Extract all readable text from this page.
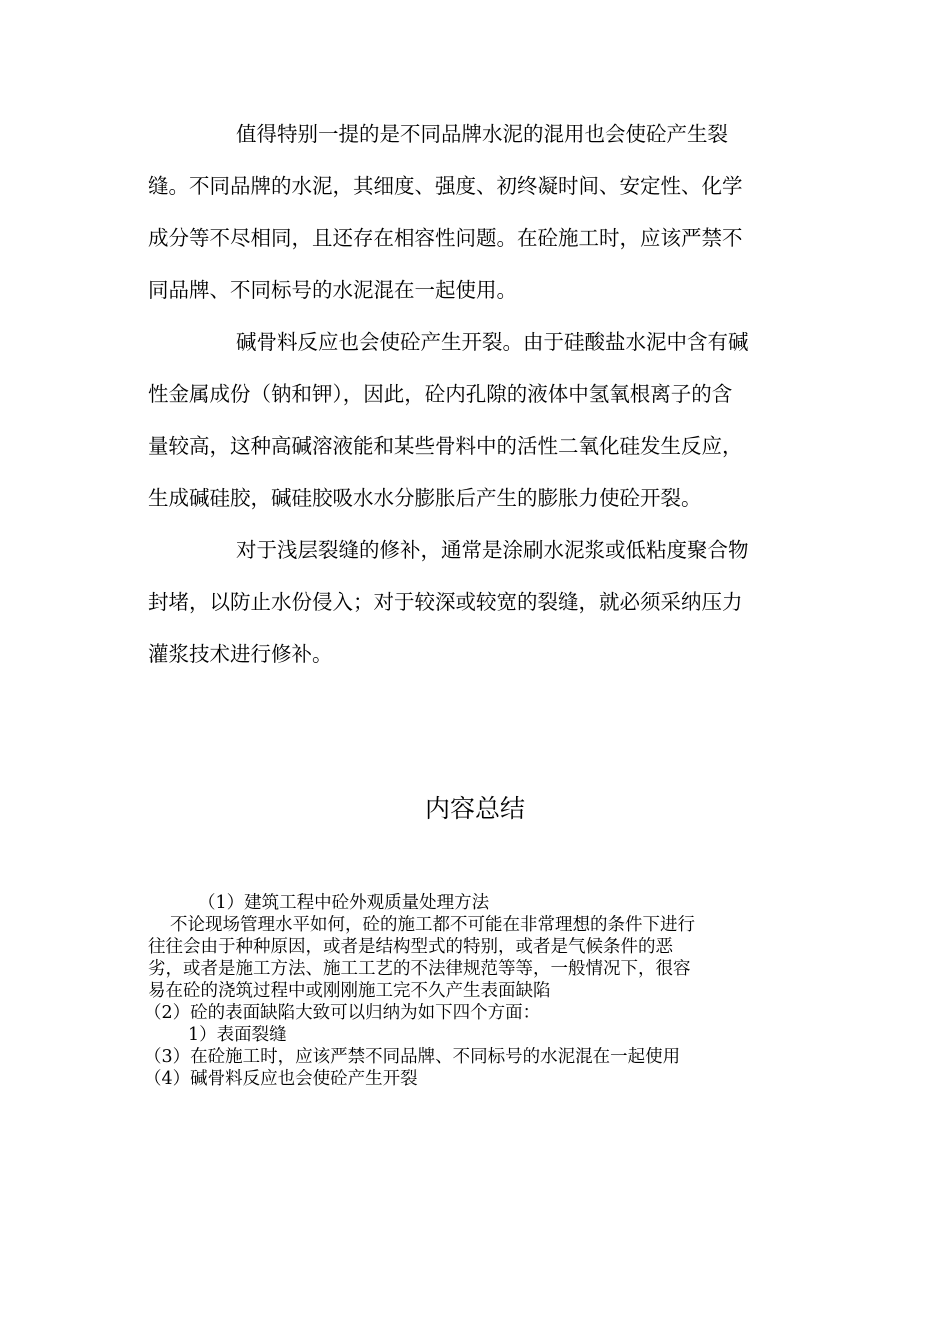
值得特别一提的是不同品牌水泥的混用也会使砼产生裂
缝。不同品牌的水泥，其细度、强度、初终凝时间、安定性、化学
成分等不尽相同，且还存在相容性问题。在砼施工时，应该严禁不
同品牌、不同标号的水泥混在一起使用。
碱骨料反应也会使砼产生开裂。由于硅酸盐水泥中含有碱
性金属成份（钠和钾），因此，砼内孔隙的液体中氢氧根离子的含
量较高，这种高碱溶液能和某些骨料中的活性二氧化硅发生反应，
生成碱硅胶，碱硅胶吸水水分膨胀后产生的膨胀力使砼开裂。
对于浅层裂缝的修补，通常是涂刷水泥浆或低粘度聚合物
封堵，以防止水份侵入；对于较深或较宽的裂缝，就必须采纳压力
灌浆技术进行修补。
内容总结
（1）建筑工程中砼外观质量处理方法
不论现场管理水平如何，砼的施工都不可能在非常理想的条件下进行
往往会由于种种原因，或者是结构型式的特别，或者是气候条件的恶
劣，或者是施工方法、施工工艺的不法律规范等等，一般情况下，很容
易在砼的浇筑过程中或刚刚施工完不久产生表面缺陷
（2）砼的表面缺陷大致可以归纳为如下四个方面：
1）表面裂缝
（3）在砼施工时，应该严禁不同品牌、不同标号的水泥混在一起使用
（4）碱骨料反应也会使砼产生开裂
